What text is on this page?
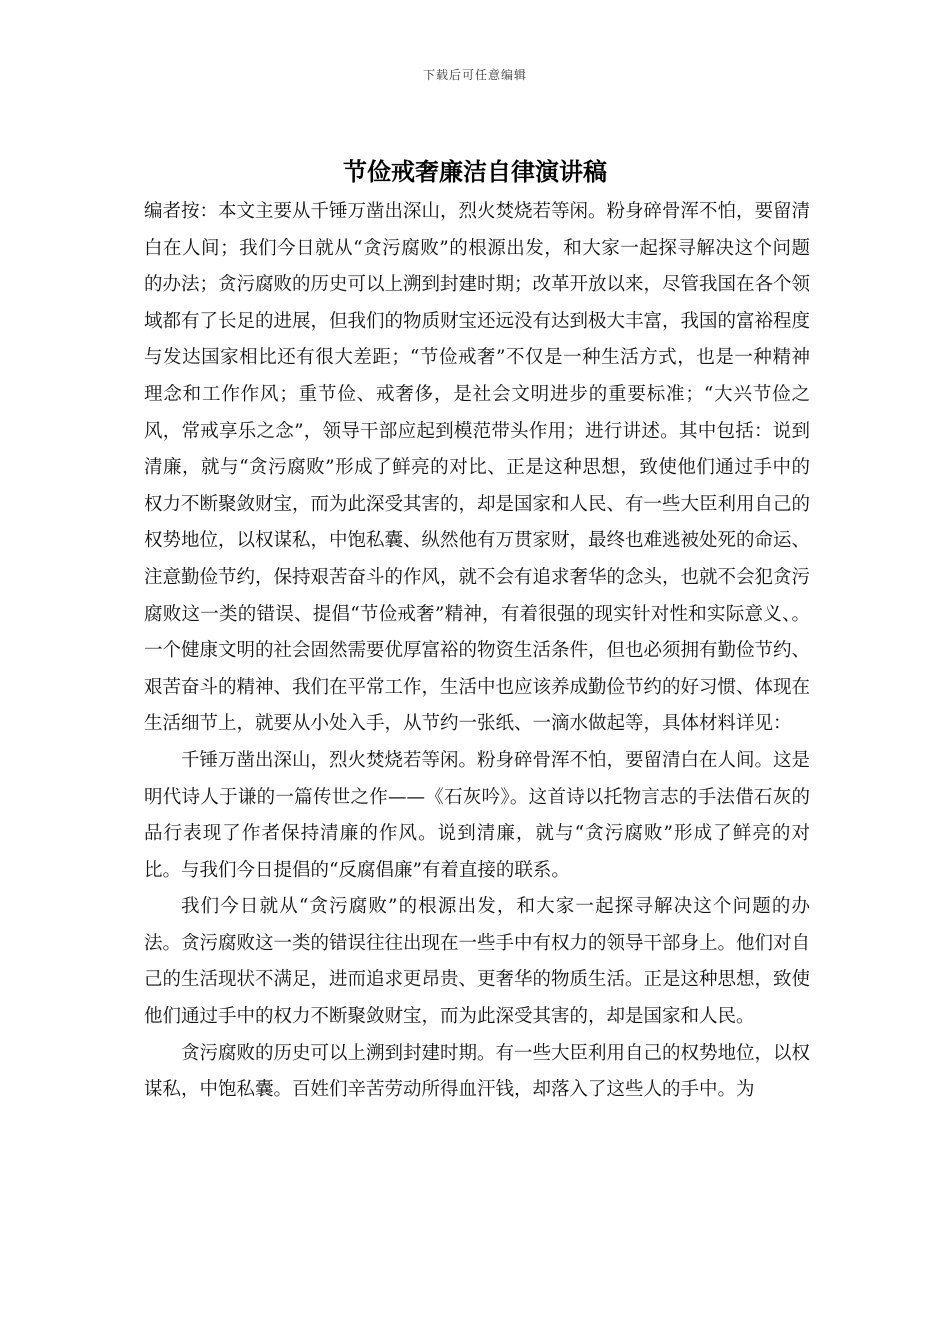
下载后可任意编辑
节俭戒奢廉洁自律演讲稿

编者按：本文主要从千锤万凿出深山，烈火焚烧若等闲。粉身碎骨浑不怕，要留清白在人间；我们今日就从“贪污腐败”的根源出发，和大家一起探寻解决这个问题的办法；贪污腐败的历史可以上溯到封建时期；改革开放以来，尽管我国在各个领域都有了长足的进展，但我们的物质财宝还远没有达到极大丰富，我国的富裕程度与发达国家相比还有很大差距；“节俭戒奢”不仅是一种生活方式，也是一种精神理念和工作作风；重节俭、戒奢侈，是社会文明进步的重要标准；“大兴节俭之风，常戒享乐之念”，领导干部应起到模范带头作用；进行讲述。其中包括：说到清廉，就与“贪污腐败”形成了鲜亮的对比、正是这种思想，致使他们通过手中的权力不断聚敛财宝，而为此深受其害的，却是国家和人民、有一些大臣利用自己的权势地位，以权谋私，中饱私囊、纵然他有万贯家财，最终也难逃被处死的命运、注意勤俭节约，保持艰苦奋斗的作风，就不会有追求奢华的念头，也就不会犯贪污腐败这一类的错误、提倡“节俭戒奢”精神，有着很强的现实针对性和实际意义、。一个健康文明的社会固然需要优厚富裕的物资生活条件，但也必须拥有勤俭节约、艰苦奋斗的精神、我们在平常工作，生活中也应该养成勤俭节约的好习惯、体现在生活细节上，就要从小处入手，从节约一张纸、一滴水做起等，具体材料详见：

千锤万凿出深山，烈火焚烧若等闲。粉身碎骨浑不怕，要留清白在人间。这是明代诗人于谦的一篇传世之作——《石灰吟》。这首诗以托物言志的手法借石灰的品行表现了作者保持清廉的作风。说到清廉，就与“贪污腐败”形成了鲜亮的对比。与我们今日提倡的“反腐倡廉”有着直接的联系。

我们今日就从“贪污腐败”的根源出发，和大家一起探寻解决这个问题的办法。贪污腐败这一类的错误往往出现在一些手中有权力的领导干部身上。他们对自己的生活现状不满足，进而追求更昂贵、更奢华的物质生活。正是这种思想，致使他们通过手中的权力不断聚敛财宝，而为此深受其害的，却是国家和人民。

贪污腐败的历史可以上溯到封建时期。有一些大臣利用自己的权势地位，以权谋私，中饱私囊。百姓们辛苦劳动所得血汗钱，却落入了这些人的手中。为
